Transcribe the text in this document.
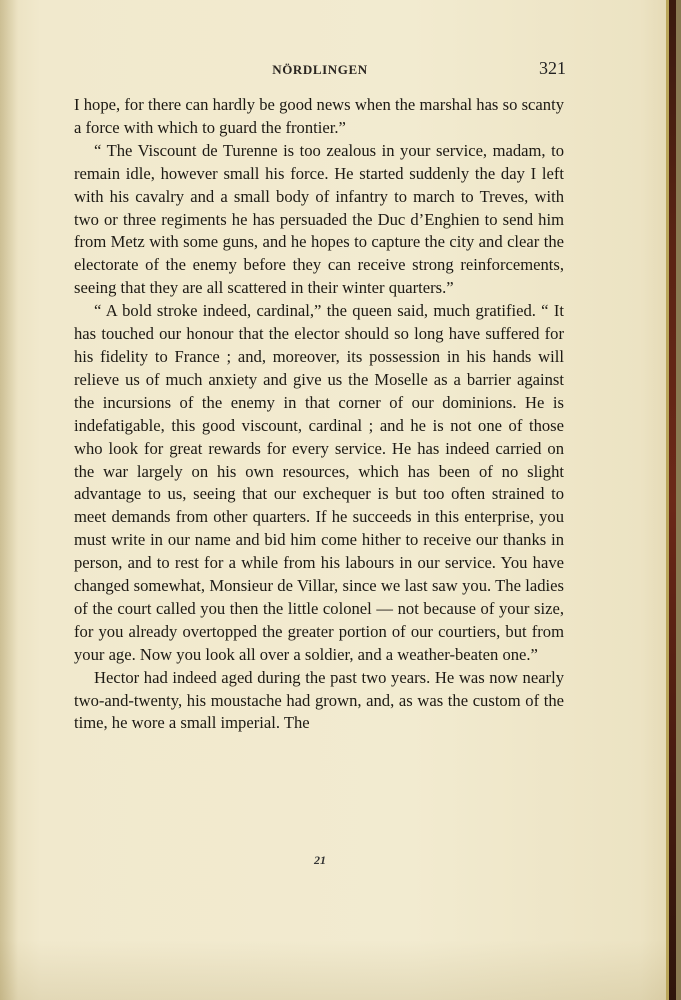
NÖRDLINGEN	321

I hope, for there can hardly be good news when the marshal has so scanty a force with which to guard the frontier.”

“ The Viscount de Turenne is too zealous in your service, madam, to remain idle, however small his force. He started suddenly the day I left with his cavalry and a small body of infantry to march to Treves, with two or three regiments he has persuaded the Duc d’Enghien to send him from Metz with some guns, and he hopes to capture the city and clear the electorate of the enemy before they can receive strong reinforcements, seeing that they are all scattered in their winter quarters.”

“ A bold stroke indeed, cardinal,” the queen said, much gratified. “ It has touched our honour that the elector should so long have suffered for his fidelity to France ; and, moreover, its possession in his hands will relieve us of much anxiety and give us the Moselle as a barrier against the incursions of the enemy in that corner of our dominions. He is indefatigable, this good viscount, cardinal ; and he is not one of those who look for great rewards for every service. He has indeed carried on the war largely on his own resources, which has been of no slight advantage to us, seeing that our exchequer is but too often strained to meet demands from other quarters. If he succeeds in this enterprise, you must write in our name and bid him come hither to receive our thanks in person, and to rest for a while from his labours in our service. You have changed somewhat, Monsieur de Villar, since we last saw you. The ladies of the court called you then the little colonel — not because of your size, for you already overtopped the greater portion of our courtiers, but from your age. Now you look all over a soldier, and a weather-beaten one.”

Hector had indeed aged during the past two years. He was now nearly two-and-twenty, his moustache had grown, and, as was the custom of the time, he wore a small imperial. The

21
